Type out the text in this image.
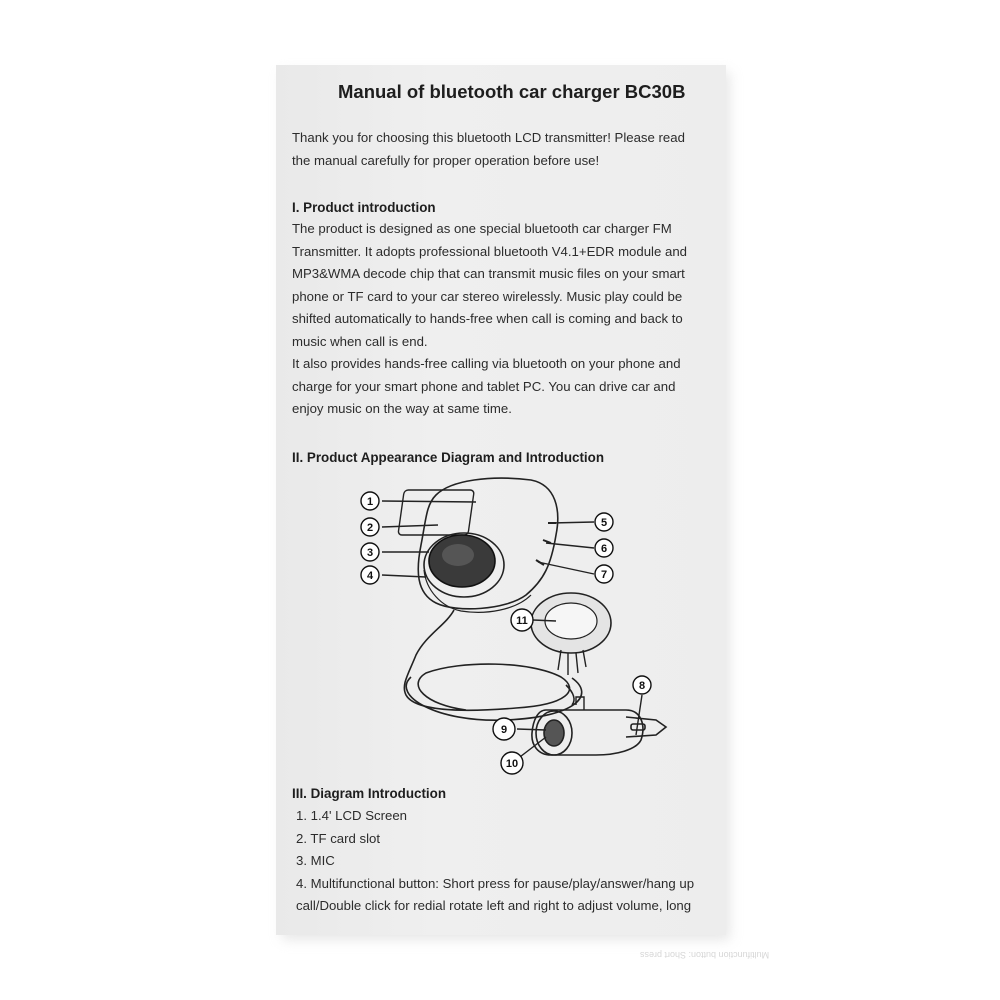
Manual of bluetooth car charger BC30B
Thank you for choosing this bluetooth LCD transmitter! Please read
the manual carefully for proper operation before use!
I. Product introduction
The product is designed as one special bluetooth car charger FM
Transmitter. It adopts professional bluetooth V4.1+EDR module and
MP3&WMA decode chip that can transmit music files on your smart
phone or TF card to your car stereo wirelessly. Music play could be
shifted automatically to hands-free when call is coming and back to
music when call is end.
It also provides hands-free calling via bluetooth on your phone and
charge for your smart phone and tablet PC. You can drive car and
enjoy music on the way at same time.
II. Product Appearance Diagram and Introduction
1
2
3
4
5
6
7
8
9
10
11
III. Diagram Introduction
1. 1.4' LCD Screen
2. TF card slot
3. MIC
4. Multifunctional button: Short press for pause/play/answer/hang up
call/Double click for redial rotate left and right to adjust volume, long
Multifunction button: Short press
